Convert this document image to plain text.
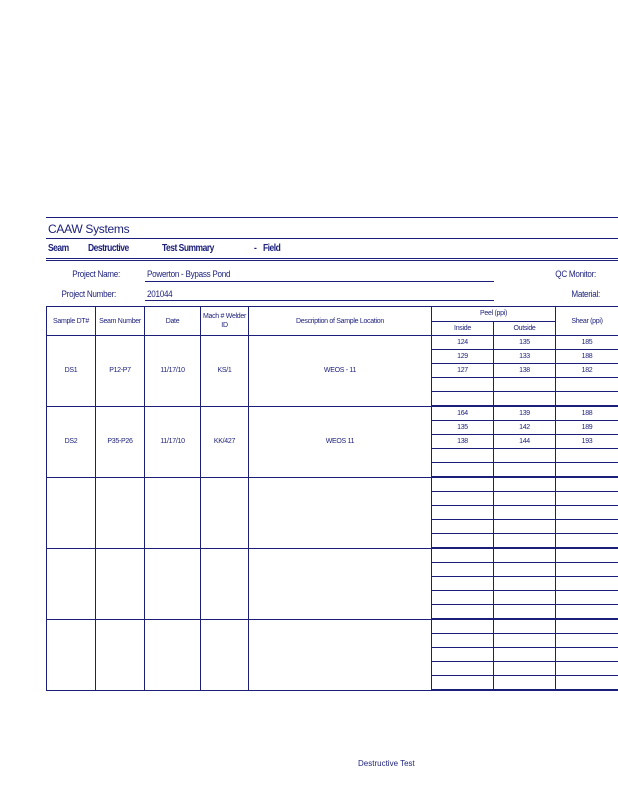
CAAW Systems
Seam Destructive	Test Summary	- Field
Project Name:	Powerton - Bypass Pond
Project Number:	201044
QC Monitor:
Material:
Sample DT#	Seam Number	Date	Mach # Welder ID	Description of Sample Location	Peel (ppi)		Shear (ppi)
					Inside	Outside	
DS1	P12-P7	11/17/10	KS/1	WEOS - 11	124	135	185
					129	133	188
					127	138	182

DS2	P35-P26	11/17/10	KK/427	WEOS 11	164	139	188
					135	142	189
					138	144	193

Destructive Test
